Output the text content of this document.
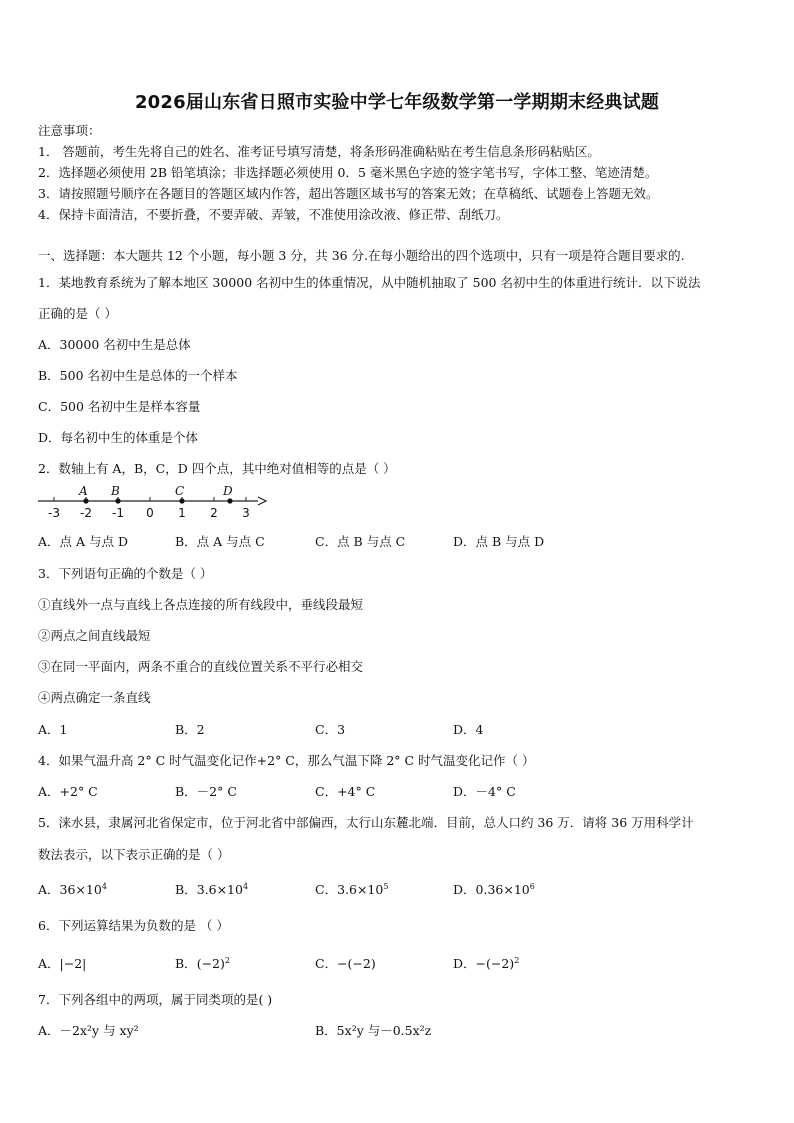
2026届山东省日照市实验中学七年级数学第一学期期末经典试题
注意事项：
1． 答题前，考生先将自己的姓名、准考证号填写清楚，将条形码准确粘贴在考生信息条形码粘贴区。
2．选择题必须使用 2B 铅笔填涂；非选择题必须使用 0．5 毫米黑色字迹的签字笔书写，字体工整、笔迹清楚。
3．请按照题号顺序在各题目的答题区域内作答，超出答题区域书写的答案无效；在草稿纸、试题卷上答题无效。
4．保持卡面清洁，不要折叠，不要弄破、弄皱，不准使用涂改液、修正带、刮纸刀。
一、选择题：本大题共 12 个小题，每小题 3 分，共 36 分.在每小题给出的四个选项中，只有一项是符合题目要求的.
1．某地教育系统为了解本地区 30000 名初中生的体重情况，从中随机抽取了 500 名初中生的体重进行统计．以下说法
正确的是（ ）
A．30000 名初中生是总体
B．500 名初中生是总体的一个样本
C．500 名初中生是样本容量
D．每名初中生的体重是个体
2．数轴上有 A，B，C，D 四个点，其中绝对值相等的点是（ ）
-3 -2 -1 0 1 2 3
A B	C	D
A．点 A 与点 D	B．点 A 与点 C	C．点 B 与点 C	D．点 B 与点 D
3．下列语句正确的个数是（ ）
①直线外一点与直线上各点连接的所有线段中，垂线段最短
②两点之间直线最短
③在同一平面内，两条不重合的直线位置关系不平行必相交
④两点确定一条直线
A．1	B．2	C．3	D．4
4．如果气温升高 2° C 时气温变化记作+2° C，那么气温下降 2° C 时气温变化记作（ ）
A．+2° C	B．－2° C	C．+4° C	D．－4° C
5．涞水县，隶属河北省保定市，位于河北省中部偏西，太行山东麓北端．目前，总人口约 36 万．请将 36 万用科学计
数法表示，以下表示正确的是（ ）
A．$36\times 10^4$	B．$3.6\times 10^4$	C．$3.6\times 10^5$	D．$0.36\times 10^6$
6．下列运算结果为负数的是 （ ）
A．|−2|	B．$(-2)^2$	C．−(−2)	D．$-(-2)^2$
7．下列各组中的两项，属于同类项的是( )
A．－2x²y 与 xy²	B．5x²y 与－0.5x²z
